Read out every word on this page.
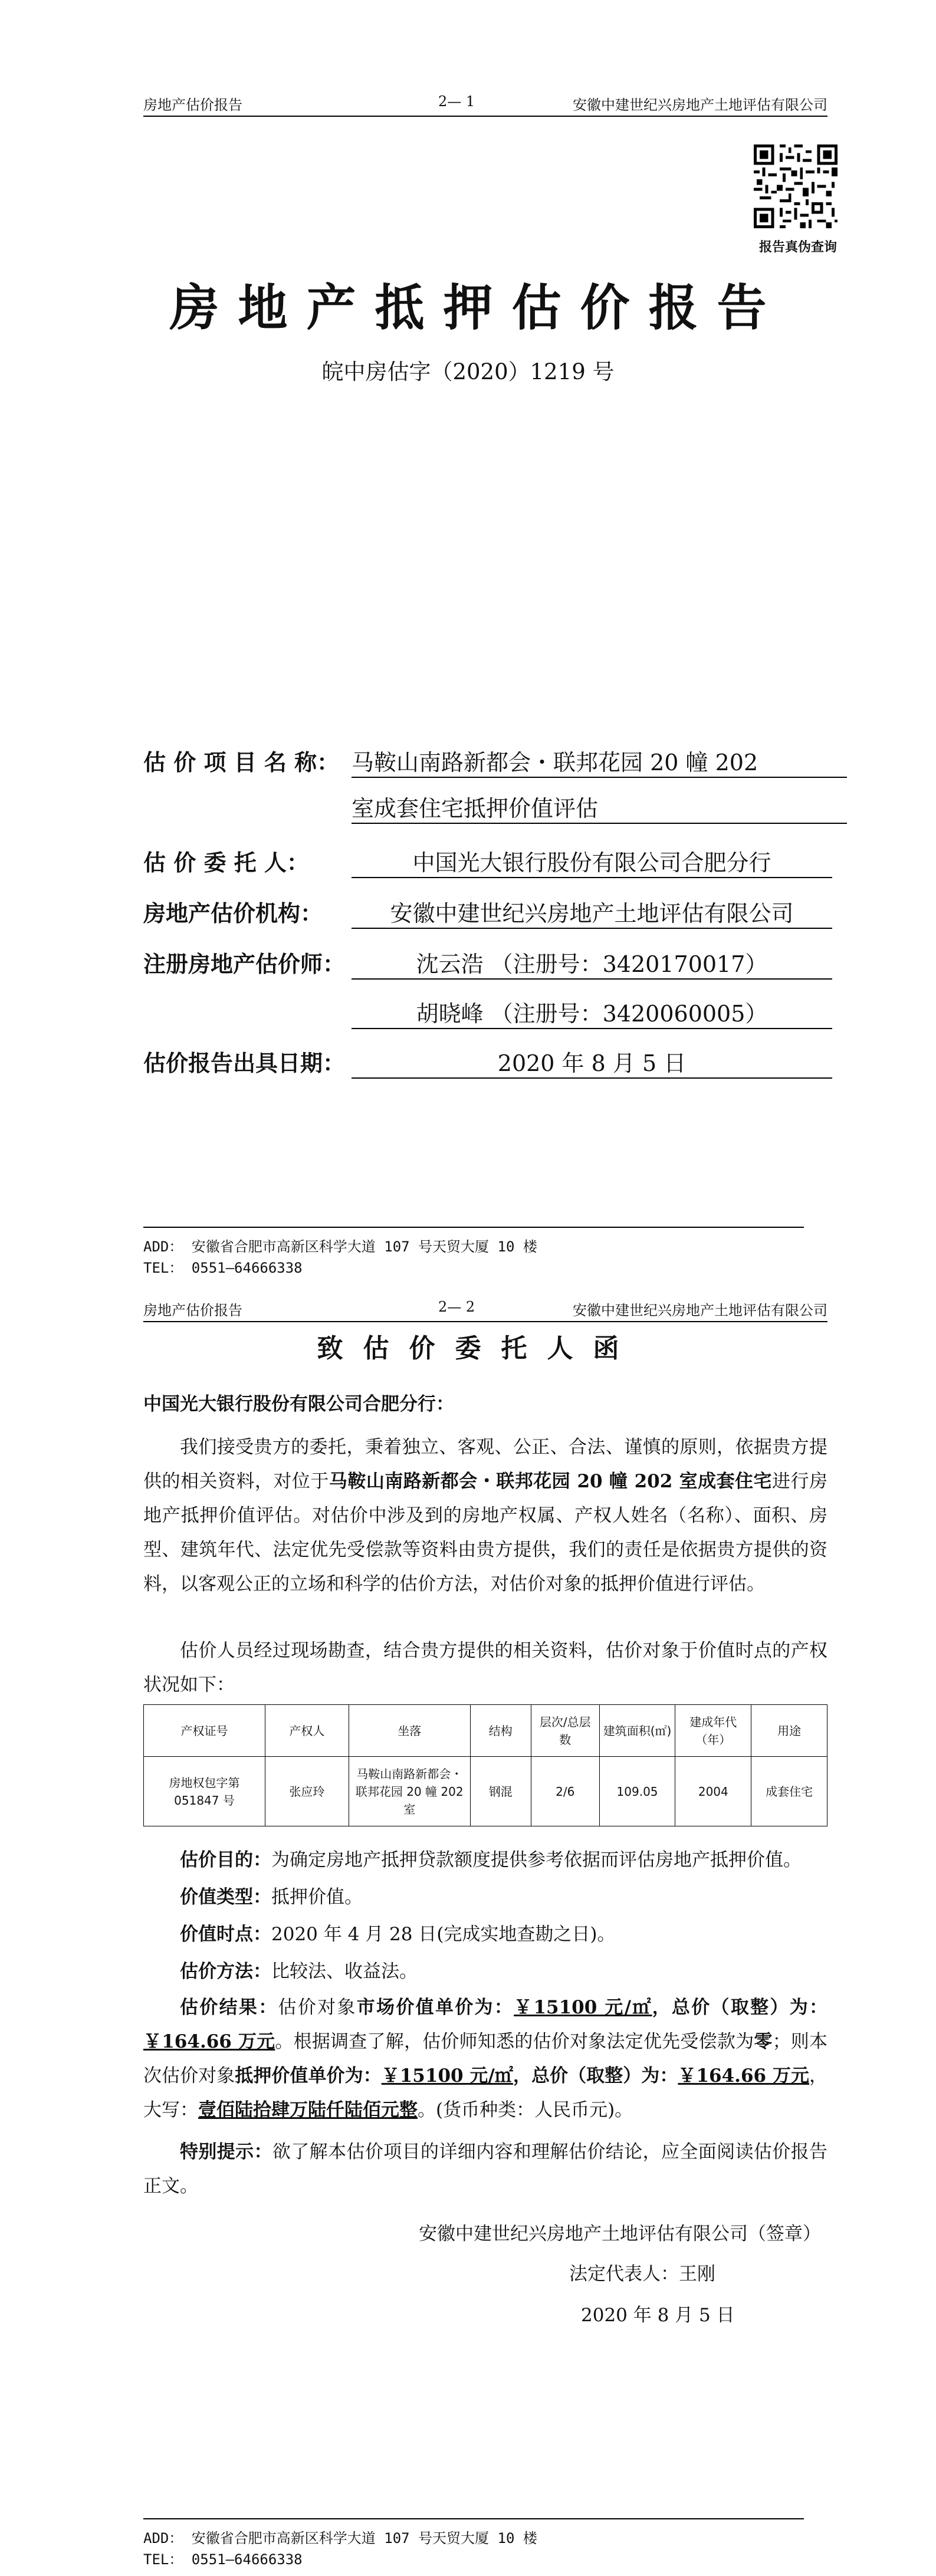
房地产估价报告	2— 1	安徽中建世纪兴房地产土地评估有限公司
报告真伪查询
房地产抵押估价报告
皖中房估字（2020）1219 号
估 价 项 目 名 称： 马鞍山南路新都会・联邦花园 20 幢 202
室成套住宅抵押价值评估
估 价 委 托 人：	中国光大银行股份有限公司合肥分行
房地产估价机构：	安徽中建世纪兴房地产土地评估有限公司
注册房地产估价师：	沈云浩 （注册号：3420170017）
胡晓峰 （注册号：3420060005）
估价报告出具日期：	2020 年 8 月 5 日
ADD： 安徽省合肥市高新区科学大道 107 号天贸大厦 10 楼
TEL： 0551—64666338
房地产估价报告	2— 2	安徽中建世纪兴房地产土地评估有限公司
致估价委托人函
中国光大银行股份有限公司合肥分行：
我们接受贵方的委托，秉着独立、客观、公正、合法、谨慎的原则，依据贵方提供的相关资料，对位于马鞍山南路新都会・联邦花园 20 幢 202 室成套住宅进行房地产抵押价值评估。对估价中涉及到的房地产权属、产权人姓名（名称）、面积、房型、建筑年代、法定优先受偿款等资料由贵方提供，我们的责任是依据贵方提供的资料，以客观公正的立场和科学的估价方法，对估价对象的抵押价值进行评估。
估价人员经过现场勘查，结合贵方提供的相关资料，估价对象于价值时点的产权状况如下：
产权证号	产权人	坐落	结构	层次/总层数	建筑面积(㎡)	建成年代（年）	用途
房地权包字第 051847 号	张应玲	马鞍山南路新都会・联邦花园 20 幢 202 室	钢混	2/6	109.05	2004	成套住宅
估价目的：为确定房地产抵押贷款额度提供参考依据而评估房地产抵押价值。
价值类型：抵押价值。
价值时点：2020 年 4 月 28 日(完成实地查勘之日)。
估价方法：比较法、收益法。
估价结果：估价对象市场价值单价为：￥15100 元/㎡，总价（取整）为：￥164.66 万元。根据调查了解，估价师知悉的估价对象法定优先受偿款为零；则本次估价对象抵押价值单价为：￥15100 元/㎡，总价（取整）为：￥164.66 万元，大写：壹佰陆拾肆万陆仟陆佰元整。(货币种类：人民币元)。
特别提示：欲了解本估价项目的详细内容和理解估价结论，应全面阅读估价报告正文。
安徽中建世纪兴房地产土地评估有限公司（签章）
法定代表人：王刚
2020 年 8 月 5 日
ADD： 安徽省合肥市高新区科学大道 107 号天贸大厦 10 楼
TEL： 0551—64666338
